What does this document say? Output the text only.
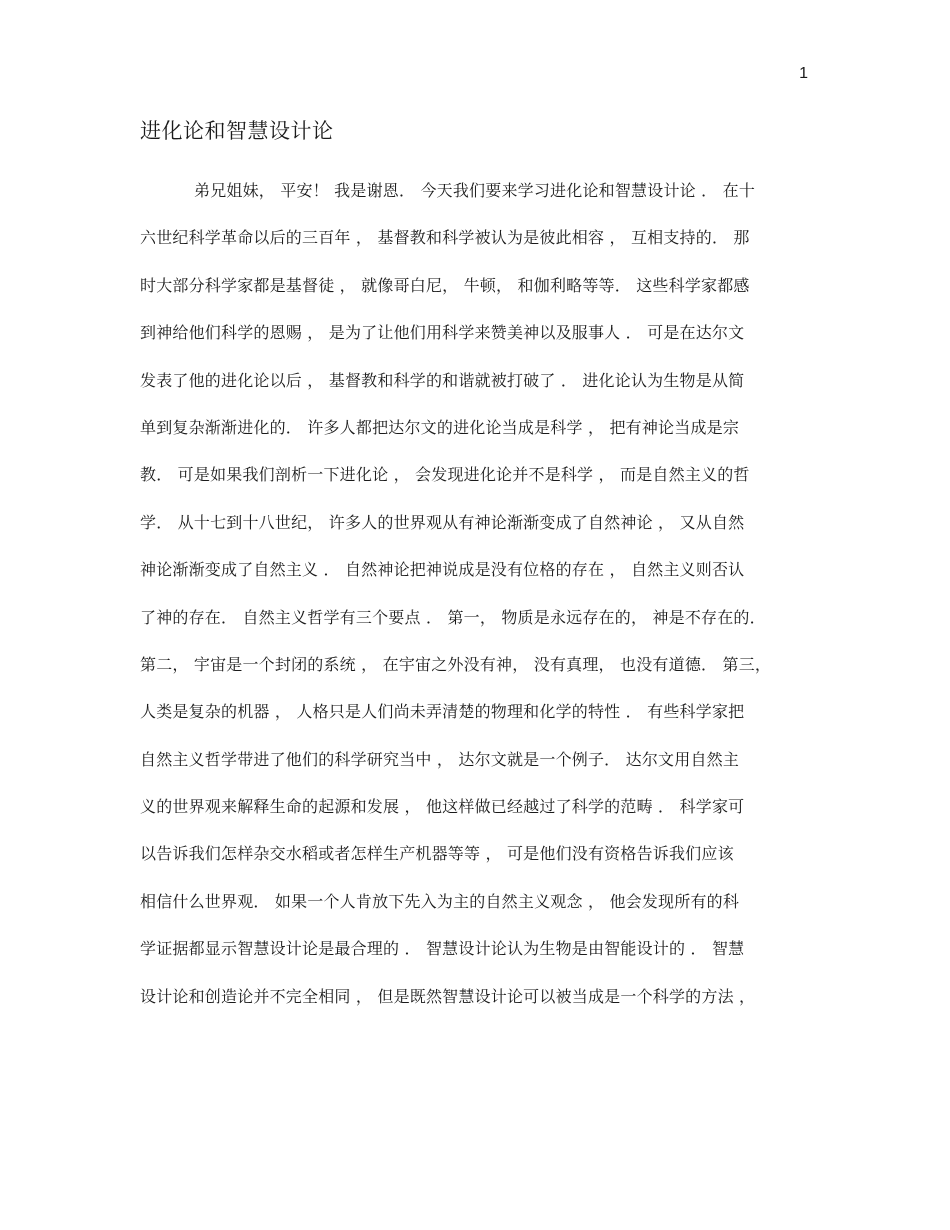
1
进化论和智慧设计论
弟兄姐妹， 平安！ 我是谢恩． 今天我们要来学习进化论和智慧设计论 ． 在十
六世纪科学革命以后的三百年 ， 基督教和科学被认为是彼此相容 ， 互相支持的． 那
时大部分科学家都是基督徒 ， 就像哥白尼， 牛顿， 和伽利略等等． 这些科学家都感
到神给他们科学的恩赐 ， 是为了让他们用科学来赞美神以及服事人 ． 可是在达尔文
发表了他的进化论以后 ， 基督教和科学的和谐就被打破了 ． 进化论认为生物是从简
单到复杂渐渐进化的． 许多人都把达尔文的进化论当成是科学 ， 把有神论当成是宗
教． 可是如果我们剖析一下进化论 ， 会发现进化论并不是科学 ， 而是自然主义的哲
学． 从十七到十八世纪， 许多人的世界观从有神论渐渐变成了自然神论 ， 又从自然
神论渐渐变成了自然主义 ． 自然神论把神说成是没有位格的存在 ， 自然主义则否认
了神的存在． 自然主义哲学有三个要点 ． 第一， 物质是永远存在的， 神是不存在的．
第二， 宇宙是一个封闭的系统 ， 在宇宙之外没有神， 没有真理， 也没有道德． 第三，
人类是复杂的机器 ， 人格只是人们尚未弄清楚的物理和化学的特性 ． 有些科学家把
自然主义哲学带进了他们的科学研究当中 ， 达尔文就是一个例子． 达尔文用自然主
义的世界观来解释生命的起源和发展 ， 他这样做已经越过了科学的范畴 ． 科学家可
以告诉我们怎样杂交水稻或者怎样生产机器等等 ， 可是他们没有资格告诉我们应该
相信什么世界观． 如果一个人肯放下先入为主的自然主义观念 ， 他会发现所有的科
学证据都显示智慧设计论是最合理的 ． 智慧设计论认为生物是由智能设计的 ． 智慧
设计论和创造论并不完全相同 ， 但是既然智慧设计论可以被当成是一个科学的方法 ，
